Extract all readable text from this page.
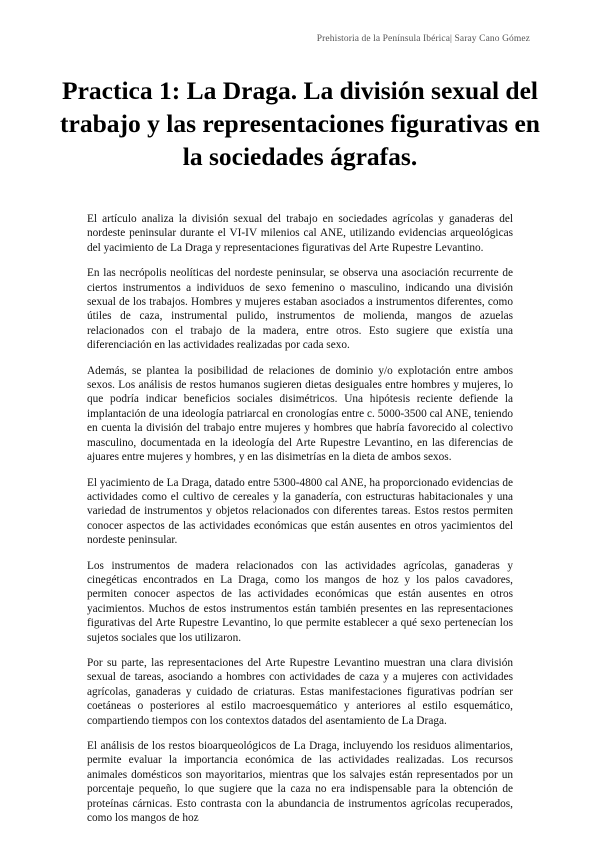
Prehistoria de la Península Ibérica| Saray Cano Gómez
Practica 1: La Draga. La división sexual del trabajo y las representaciones figurativas en la sociedades ágrafas.

El artículo analiza la división sexual del trabajo en sociedades agrícolas y ganaderas del nordeste peninsular durante el VI-IV milenios cal ANE, utilizando evidencias arqueológicas del yacimiento de La Draga y representaciones figurativas del Arte Rupestre Levantino.

En las necrópolis neolíticas del nordeste peninsular, se observa una asociación recurrente de ciertos instrumentos a individuos de sexo femenino o masculino, indicando una división sexual de los trabajos. Hombres y mujeres estaban asociados a instrumentos diferentes, como útiles de caza, instrumental pulido, instrumentos de molienda, mangos de azuelas relacionados con el trabajo de la madera, entre otros. Esto sugiere que existía una diferenciación en las actividades realizadas por cada sexo.

Además, se plantea la posibilidad de relaciones de dominio y/o explotación entre ambos sexos. Los análisis de restos humanos sugieren dietas desiguales entre hombres y mujeres, lo que podría indicar beneficios sociales disimétricos. Una hipótesis reciente defiende la implantación de una ideología patriarcal en cronologías entre c. 5000-3500 cal ANE, teniendo en cuenta la división del trabajo entre mujeres y hombres que habría favorecido al colectivo masculino, documentada en la ideología del Arte Rupestre Levantino, en las diferencias de ajuares entre mujeres y hombres, y en las disimetrías en la dieta de ambos sexos.

El yacimiento de La Draga, datado entre 5300-4800 cal ANE, ha proporcionado evidencias de actividades como el cultivo de cereales y la ganadería, con estructuras habitacionales y una variedad de instrumentos y objetos relacionados con diferentes tareas. Estos restos permiten conocer aspectos de las actividades económicas que están ausentes en otros yacimientos del nordeste peninsular.

Los instrumentos de madera relacionados con las actividades agrícolas, ganaderas y cinegéticas encontrados en La Draga, como los mangos de hoz y los palos cavadores, permiten conocer aspectos de las actividades económicas que están ausentes en otros yacimientos. Muchos de estos instrumentos están también presentes en las representaciones figurativas del Arte Rupestre Levantino, lo que permite establecer a qué sexo pertenecían los sujetos sociales que los utilizaron.

Por su parte, las representaciones del Arte Rupestre Levantino muestran una clara división sexual de tareas, asociando a hombres con actividades de caza y a mujeres con actividades agrícolas, ganaderas y cuidado de criaturas. Estas manifestaciones figurativas podrían ser coetáneas o posteriores al estilo macroesquemático y anteriores al estilo esquemático, compartiendo tiempos con los contextos datados del asentamiento de La Draga.

El análisis de los restos bioarqueológicos de La Draga, incluyendo los residuos alimentarios, permite evaluar la importancia económica de las actividades realizadas. Los recursos animales domésticos son mayoritarios, mientras que los salvajes están representados por un porcentaje pequeño, lo que sugiere que la caza no era indispensable para la obtención de proteínas cárnicas. Esto contrasta con la abundancia de instrumentos agrícolas recuperados, como los mangos de hoz
